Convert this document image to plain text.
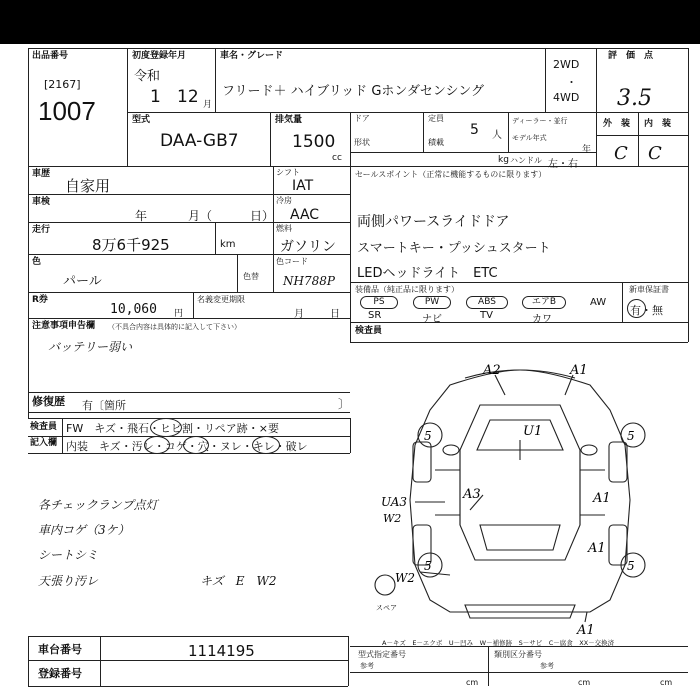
出品番号
[2167]
1007
初度登録年月
令和
1 12 月
車名・グレード
フリード＋ ハイブリッド Gホンダセンシング
2WD
・
4WD
評　価　点
3.5
型式
DAA-GB7
排気量
1500
cc
ドア	定員
5 人
ディーラー・並行
モデル年式
年
形状	積載
kg ハンドル 左・右
外　装 内　装
C C
車歴
自家用
シフト
IAT
車検
年	月（	日）
冷房
AAC
走行
8万6千925	km
燃料
ガソリン
色
パール	色替
色コード
NH788P
R券
10,060 円
名義変更期限
月	日
セールスポイント（正常に機能するものに限ります）
両側パワースライドドア
スマートキー・プッシュスタート
LEDヘッドライト　ETC
装備品（純正品に限ります）	新車保証書
有・無
PS	PW	ABS	エアB	AW
SR	ナビ	TV	カワ
検査員
注意事項申告欄 （不具合内容は具体的に記入して下さい）
バッテリー弱い
修復歴 有〔箇所	〕
検査員
記入欄
FW　キズ・飛石・ヒビ割・リペア跡・×要
内装　キズ・汚レ・コゲ・穴・ヌレ・キレ・破レ
各チェックランプ点灯
車内コゲ（3ケ）
シートシミ
天張り汚レ	キズ　E　W2
A2	A1
U1
5	5
A3
UA3
W2
A1
A1
W2
5	5
A1
スペア
A－キズ　E－エクボ　U－凹み　W－補修跡　S－サビ　C－腐食　XX－交換済
車台番号	1114195
登録番号
型式指定番号
参考
類別区分番号
参考
cm	cm	cm
